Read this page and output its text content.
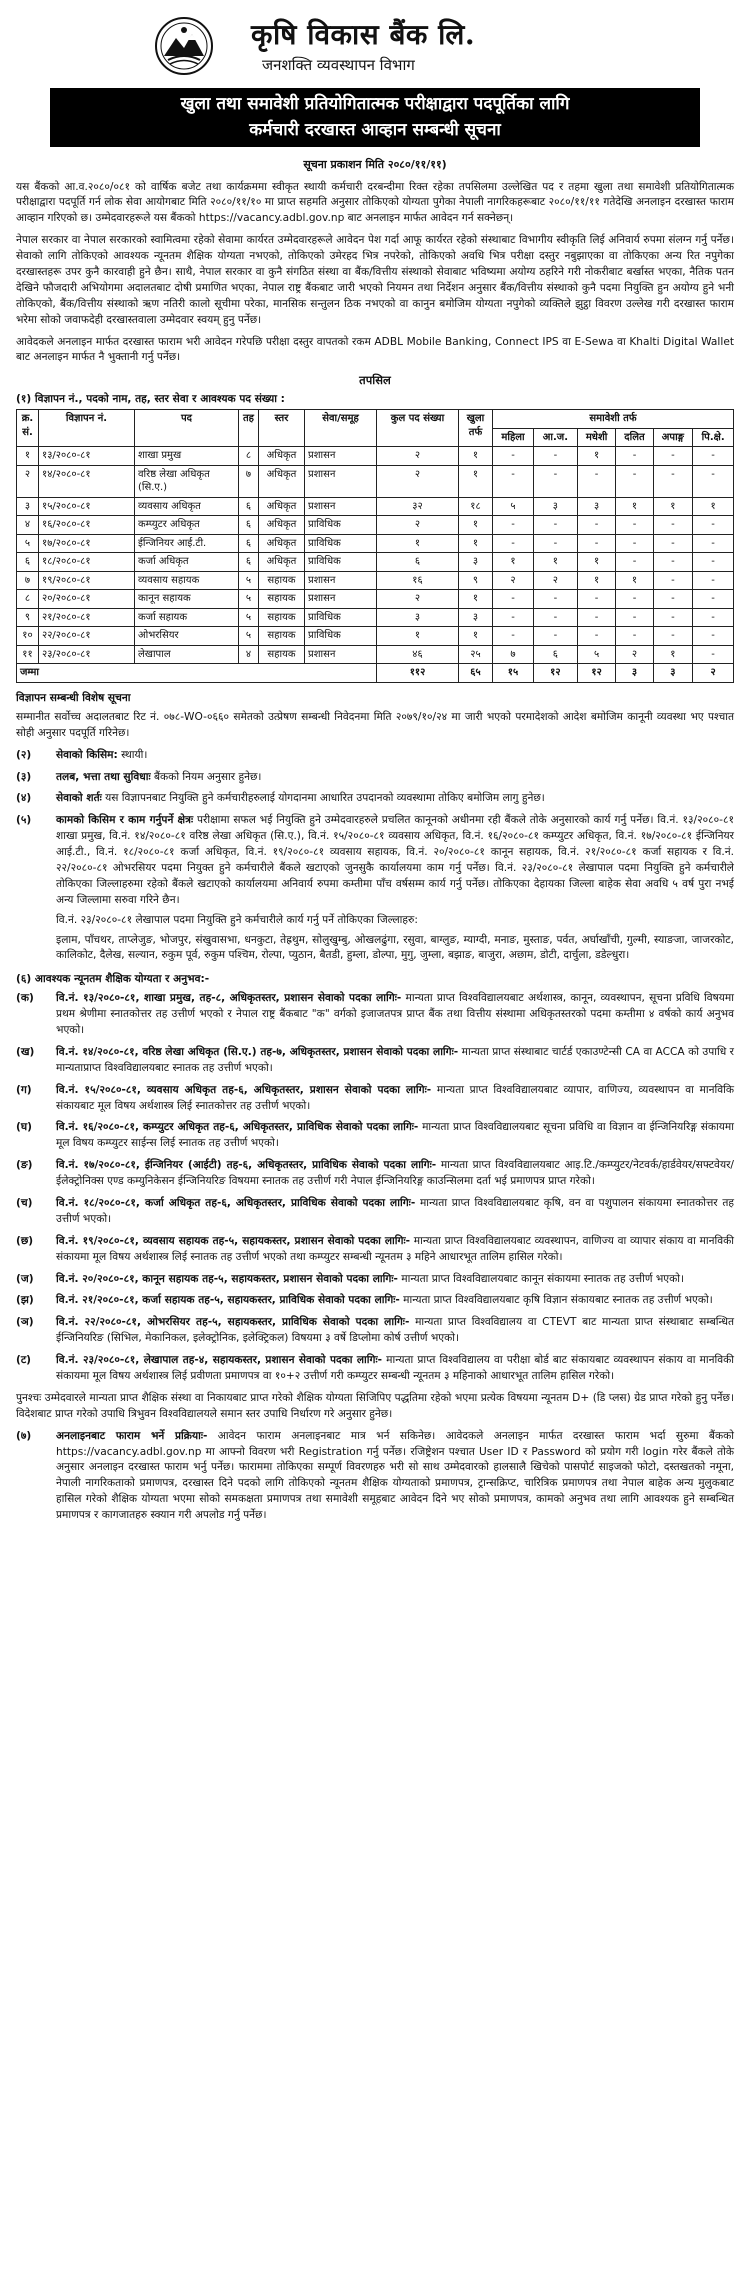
कृषि विकास बैंक लि.
जनशक्ति व्यवस्थापन विभाग
खुला तथा समावेशी प्रतियोगितात्मक परीक्षाद्वारा पदपूर्तिका लागि
कर्मचारी दरखास्त आव्हान सम्बन्धी सूचना
सूचना प्रकाशन मिति २०८०/११/११)

यस बैंकको आ.व.२०८०/०८१ को वार्षिक बजेट तथा कार्यक्रममा स्वीकृत स्थायी कर्मचारी दरबन्दीमा रिक्त रहेका तपसिलमा उल्लेखित पद र तहमा खुला तथा समावेशी प्रतियोगितात्मक परीक्षाद्वारा पदपूर्ति गर्न लोक सेवा आयोगबाट मिति २०८०/११/१० मा प्राप्त सहमति अनुसार तोकिएको योग्यता पुगेका नेपाली नागरिकहरूबाट २०८०/११/११ गतेदेखि अनलाइन दरखास्त फाराम आव्हान गरिएको छ। उम्मेदवारहरूले यस बैंकको https://vacancy.adbl.gov.np बाट अनलाइन मार्फत आवेदन गर्न सक्नेछन्।

नेपाल सरकार वा नेपाल सरकारको स्वामित्वमा रहेको सेवामा कार्यरत उम्मेदवारहरूले आवेदन पेश गर्दा आफू कार्यरत रहेको संस्थाबाट विभागीय स्वीकृति लिई अनिवार्य रुपमा संलग्न गर्नु पर्नेछ। सेवाको लागि तोकिएको आवश्यक न्यूनतम शैक्षिक योग्यता नभएको, तोकिएको उमेरहद भित्र नपरेको, तोकिएको अवधि भित्र परीक्षा दस्तुर नबुझाएका वा तोकिएका अन्य रित नपुगेका दरखास्तहरू उपर कुनै कारवाही हुने छैन। साथै, नेपाल सरकार वा कुनै संगठित संस्था वा बैंक/वित्तीय संस्थाको सेवाबाट भविष्यमा अयोग्य ठहरिने गरी नोकरीबाट बर्खास्त भएका, नैतिक पतन देखिने फौजदारी अभियोगमा अदालतबाट दोषी प्रमाणित भएका, नेपाल राष्ट्र बैंकबाट जारी भएको नियमन तथा निर्देशन अनुसार बैंक/वित्तीय संस्थाको कुनै पदमा नियुक्ति हुन अयोग्य हुने भनी तोकिएको, बैंक/वित्तीय संस्थाको ऋण नतिरी कालो सूचीमा परेका, मानसिक सन्तुलन ठिक नभएको वा कानुन बमोजिम योग्यता नपुगेको व्यक्तिले झुट्ठा विवरण उल्लेख गरी दरखास्त फाराम भरेमा सोको जवाफदेही दरखास्तवाला उम्मेदवार स्वयम् हुनु पर्नेछ।

आवेदकले अनलाइन मार्फत दरखास्त फाराम भरी आवेदन गरेपछि परीक्षा दस्तुर वापतको रकम ADBL Mobile Banking, Connect IPS वा E-Sewa वा Khalti Digital Wallet बाट अनलाइन मार्फत नै भुक्तानी गर्नु पर्नेछ।

तपसिल
(१) विज्ञापन नं., पदको नाम, तह, स्तर सेवा र आवश्यक पद संख्या :
क्र. सं.	विज्ञापन नं.	पद	तह	स्तर	सेवा/समूह	कुल पद संख्या	खुला तर्फ	समावेशी तर्फ					
								महिला	आ.ज.	मधेशी	दलित	अपाङ्ग	पि.क्षे.
१	१३/२०८०-८१	शाखा प्रमुख	८	अधिकृत	प्रशासन	२	१	-	-	१	-	-	-
२	१४/२०८०-८१	वरिष्ठ लेखा अधिकृत (सि.ए.)	७	अधिकृत	प्रशासन	२	१	-	-	-	-	-	-
३	१५/२०८०-८१	व्यवसाय अधिकृत	६	अधिकृत	प्रशासन	३२	१८	५	३	३	१	१	१
४	१६/२०८०-८१	कम्प्युटर अधिकृत	६	अधिकृत	प्राविधिक	२	१	-	-	-	-	-	-
५	१७/२०८०-८१	ईन्जिनियर आई.टी.	६	अधिकृत	प्राविधिक	१	१	-	-	-	-	-	-
६	१८/२०८०-८१	कर्जा अधिकृत	६	अधिकृत	प्राविधिक	६	३	१	१	१	-	-	-
७	१९/२०८०-८१	व्यवसाय सहायक	५	सहायक	प्रशासन	१६	९	२	२	१	१	-	-
८	२०/२०८०-८१	कानून सहायक	५	सहायक	प्रशासन	२	१	-	-	-	-	-	-
९	२१/२०८०-८१	कर्जा सहायक	५	सहायक	प्राविधिक	३	३	-	-	-	-	-	-
१०	२२/२०८०-८१	ओभरसियर	५	सहायक	प्राविधिक	१	१	-	-	-	-	-	-
११	२३/२०८०-८१	लेखापाल	४	सहायक	प्रशासन	४६	२५	७	६	५	२	१	-
जम्मा						११२	६५	१५	१२	१२	३	३	२
विज्ञापन सम्बन्धी विशेष सूचना

सम्मानीत सर्वोच्च अदालतबाट रिट नं. ०७८-WO-०६६० समेतको उत्प्रेषण सम्बन्धी निवेदनमा मिति २०७९/१०/२४ मा जारी भएको परमादेशको आदेश बमोजिम कानूनी व्यवस्था भए पश्चात सोही अनुसार पदपूर्ति गरिनेछ।

(२)	सेवाको किसिम: स्थायी।
(३)	तलब, भत्ता तथा सुविधाः बैंकको नियम अनुसार हुनेछ।
(४)	सेवाको शर्तः यस विज्ञापनबाट नियुक्ति हुने कर्मचारीहरुलाई योगदानमा आधारित उपदानको व्यवस्थामा तोकिए बमोजिम लागु हुनेछ।
(५)	कामको किसिम र काम गर्नुपर्ने क्षेत्रः परीक्षामा सफल भई नियुक्ति हुने उम्मेदवारहरुले प्रचलित कानूनको अधीनमा रही बैंकले तोके अनुसारको कार्य गर्नु पर्नेछ। वि.नं. १३/२०८०-८१ शाखा प्रमुख, वि.नं. १४/२०८०-८१ वरिष्ठ लेखा अधिकृत (सि.ए.), वि.नं. १५/२०८०-८१ व्यवसाय अधिकृत, वि.नं. १६/२०८०-८१ कम्प्युटर अधिकृत, वि.नं. १७/२०८०-८१ ईन्जिनियर आई.टी., वि.नं. १८/२०८०-८१ कर्जा अधिकृत, वि.नं. १९/२०८०-८१ व्यवसाय सहायक, वि.नं. २०/२०८०-८१ कानून सहायक, वि.नं. २१/२०८०-८१ कर्जा सहायक र वि.नं. २२/२०८०-८१ ओभरसियर पदमा नियुक्त हुने कर्मचारीले बैंकले खटाएको जुनसुकै कार्यालयमा काम गर्नु पर्नेछ। वि.नं. २३/२०८०-८१ लेखापाल पदमा नियुक्ति हुने कर्मचारीले तोकिएका जिल्लाहरुमा रहेको बैंकले खटाएको कार्यालयमा अनिवार्य रुपमा कम्तीमा पाँच वर्षसम्म कार्य गर्नु पर्नेछ। तोकिएका देहायका जिल्ला बाहेक सेवा अवधि ५ वर्ष पुरा नभई अन्य जिल्लामा सरुवा गरिने छैन।
वि.नं. २३/२०८०-८१ लेखापाल पदमा नियुक्ति हुने कर्मचारीले कार्य गर्नु पर्ने तोकिएका जिल्लाहरु:
इलाम, पाँचथर, ताप्लेजुङ, भोजपुर, संखुवासभा, धनकुटा, तेह्रथुम, सोलुखुम्बु, ओखलढुंगा, रसुवा, बाग्लुङ, म्याग्दी, मनाङ, मुस्ताङ, पर्वत, अर्घाखाँची, गुल्मी, स्याङजा, जाजरकोट, कालिकोट, दैलेख, सल्यान, रुकुम पूर्व, रुकुम पश्चिम, रोल्पा, प्युठान, बैतडी, हुम्ला, डोल्पा, मुगु, जुम्ला, बझाङ, बाजुरा, अछाम, डोटी, दार्चुला, डडेल्धुरा।
(६) आवश्यक न्यूनतम शैक्षिक योग्यता र अनुभव:-
(क)	वि.नं. १३/२०८०-८१, शाखा प्रमुख, तह-८, अधिकृतस्तर, प्रशासन सेवाको पदका लागिः- मान्यता प्राप्त विश्वविद्यालयबाट अर्थशास्त्र, कानून, व्यवस्थापन, सूचना प्रविधि विषयमा प्रथम श्रेणीमा स्नातकोत्तर तह उत्तीर्ण भएको र नेपाल राष्ट्र बैंकबाट "क" वर्गको इजाजतपत्र प्राप्त बैंक तथा वित्तीय संस्थामा अधिकृतस्तरको पदमा कम्तीमा ४ वर्षको कार्य अनुभव भएको।
(ख)	वि.नं. १४/२०८०-८१, वरिष्ठ लेखा अधिकृत (सि.ए.) तह-७, अधिकृतस्तर, प्रशासन सेवाको पदका लागिः- मान्यता प्राप्त संस्थाबाट चार्टर्ड एकाउण्टेन्सी CA वा ACCA को उपाधि र मान्यताप्राप्त विश्वविद्यालयबाट स्नातक तह उत्तीर्ण भएको।
(ग)	वि.नं. १५/२०८०-८१, व्यवसाय अधिकृत तह-६, अधिकृतस्तर, प्रशासन सेवाको पदका लागिः- मान्यता प्राप्त विश्वविद्यालयबाट व्यापार, वाणिज्य, व्यवस्थापन वा मानविकि संकायबाट मूल विषय अर्थशास्त्र लिई स्नातकोत्तर तह उत्तीर्ण भएको।
(घ)	वि.नं. १६/२०८०-८१, कम्प्युटर अधिकृत तह-६, अधिकृतस्तर, प्राविधिक सेवाको पदका लागिः- मान्यता प्राप्त विश्वविद्यालयबाट सूचना प्रविधि वा विज्ञान वा ईन्जिनियरिङ्ग संकायमा मूल विषय कम्प्युटर साईन्स लिई स्नातक तह उत्तीर्ण भएको।
(ङ)	वि.नं. १७/२०८०-८१, ईन्जिनियर (आईटी) तह-६, अधिकृतस्तर, प्राविधिक सेवाको पदका लागिः- मान्यता प्राप्त विश्वविद्यालयबाट आइ.टि./कम्प्युटर/नेटवर्क/हार्डवेयर/सफ्टवेयर/ईलेक्ट्रोनिक्स एण्ड कम्युनिकेसन ईन्जिनियरिङ विषयमा स्नातक तह उत्तीर्ण गरी नेपाल ईन्जिनियरिङ्ग काउन्सिलमा दर्ता भई प्रमाणपत्र प्राप्त गरेको।
(च)	वि.नं. १८/२०८०-८१, कर्जा अधिकृत तह-६, अधिकृतस्तर, प्राविधिक सेवाको पदका लागिः- मान्यता प्राप्त विश्वविद्यालयबाट कृषि, वन वा पशुपालन संकायमा स्नातकोत्तर तह उत्तीर्ण भएको।
(छ)	वि.नं. १९/२०८०-८१, व्यवसाय सहायक तह-५, सहायकस्तर, प्रशासन सेवाको पदका लागिः- मान्यता प्राप्त विश्वविद्यालयबाट व्यवस्थापन, वाणिज्य वा व्यापार संकाय वा मानविकी संकायमा मूल विषय अर्थशास्त्र लिई स्नातक तह उत्तीर्ण भएको तथा कम्प्युटर सम्बन्धी न्यूनतम ३ महिने आधारभूत तालिम हासिल गरेको।
(ज)	वि.नं. २०/२०८०-८१, कानून सहायक तह-५, सहायकस्तर, प्रशासन सेवाको पदका लागिः- मान्यता प्राप्त विश्वविद्यालयबाट कानून संकायमा स्नातक तह उत्तीर्ण भएको।
(झ)	वि.नं. २१/२०८०-८१, कर्जा सहायक तह-५, सहायकस्तर, प्राविधिक सेवाको पदका लागिः- मान्यता प्राप्त विश्वविद्यालयबाट कृषि विज्ञान संकायबाट स्नातक तह उत्तीर्ण भएको।
(ञ)	वि.नं. २२/२०८०-८१, ओभरसियर तह-५, सहायकस्तर, प्राविधिक सेवाको पदका लागिः- मान्यता प्राप्त विश्वविद्यालय वा CTEVT बाट मान्यता प्राप्त संस्थाबाट सम्बन्धित ईन्जिनियरिङ (सिभिल, मेकानिकल, इलेक्ट्रोनिक, इलेक्ट्रिकल) विषयमा ३ वर्षे डिप्लोमा कोर्ष उत्तीर्ण भएको।
(ट)	वि.नं. २३/२०८०-८१, लेखापाल तह-४, सहायकस्तर, प्रशासन सेवाको पदका लागिः- मान्यता प्राप्त विश्वविद्यालय वा परीक्षा बोर्ड बाट संकायबाट व्यवस्थापन संकाय वा मानविकी संकायमा मूल विषय अर्थशास्त्र लिई प्रवीणता प्रमाणपत्र वा १०+२ उत्तीर्ण गरी कम्प्युटर सम्बन्धी न्यूनतम ३ महिनाको आधारभूत तालिम हासिल गरेको।

पुनश्चः उम्मेदवारले मान्यता प्राप्त शैक्षिक संस्था वा निकायबाट प्राप्त गरेको शैक्षिक योग्यता सिजिपिए पद्धतिमा रहेको भएमा प्रत्येक विषयमा न्यूनतम D+ (डि प्लस) ग्रेड प्राप्त गरेको हुनु पर्नेछ। विदेशबाट प्राप्त गरेको उपाधि त्रिभुवन विश्वविद्यालयले समान स्तर उपाधि निर्धारण गरे अनुसार हुनेछ।

(७)	अनलाइनबाट फाराम भर्ने प्रक्रियाः- आवेदन फाराम अनलाइनबाट मात्र भर्न सकिनेछ। आवेदकले अनलाइन मार्फत दरखास्त फाराम भर्दा सुरुमा बैंकको https://vacancy.adbl.gov.np मा आफ्नो विवरण भरी Registration गर्नु पर्नेछ। रजिष्ट्रेशन पश्चात User ID र Password को प्रयोग गरी login गरेर बैंकले तोके अनुसार अनलाइन दरखास्त फाराम भर्नु पर्नेछ। फाराममा तोकिएका सम्पूर्ण विवरणहरु भरी सो साथ उम्मेदवारको हालसालै खिचेको पासपोर्ट साइजको फोटो, दस्तखतको नमूना, नेपाली नागरिकताको प्रमाणपत्र, दरखास्त दिने पदको लागि तोकिएको न्यूनतम शैक्षिक योग्यताको प्रमाणपत्र, ट्रान्सक्रिप्ट, चारित्रिक प्रमाणपत्र तथा नेपाल बाहेक अन्य मुलुकबाट हासिल गरेको शैक्षिक योग्यता भएमा सोको समकक्षता प्रमाणपत्र तथा समावेशी समूहबाट आवेदन दिने भए सोको प्रमाणपत्र, कामको अनुभव तथा लागि आवश्यक हुने सम्बन्धित प्रमाणपत्र र कागजातहरु स्क्यान गरी अपलोड गर्नु पर्नेछ।
